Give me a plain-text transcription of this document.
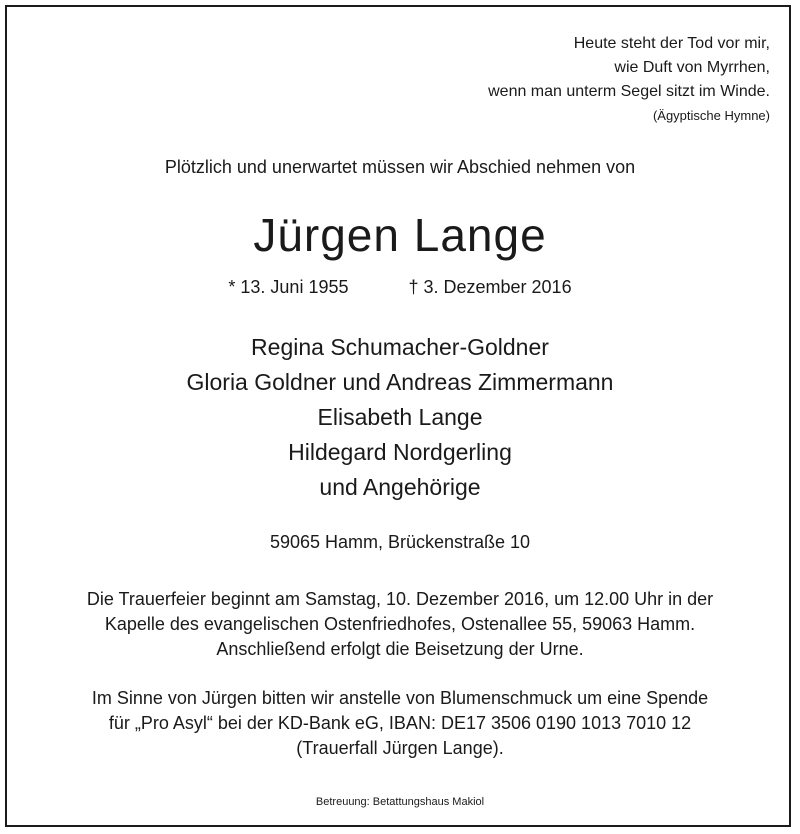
Heute steht der Tod vor mir,
wie Duft von Myrrhen,
wenn man unterm Segel sitzt im Winde.
(Ägyptische Hymne)
Plötzlich und unerwartet müssen wir Abschied nehmen von
Jürgen Lange
* 13. Juni 1955	† 3. Dezember 2016
Regina Schumacher-Goldner
Gloria Goldner und Andreas Zimmermann
Elisabeth Lange
Hildegard Nordgerling
und Angehörige
59065 Hamm, Brückenstraße 10
Die Trauerfeier beginnt am Samstag, 10. Dezember 2016, um 12.00 Uhr in der
Kapelle des evangelischen Ostenfriedhofes, Ostenallee 55, 59063 Hamm.
Anschließend erfolgt die Beisetzung der Urne.
Im Sinne von Jürgen bitten wir anstelle von Blumenschmuck um eine Spende
für „Pro Asyl“ bei der KD-Bank eG, IBAN: DE17 3506 0190 1013 7010 12
(Trauerfall Jürgen Lange).
Betreuung: Betattungshaus Makiol
